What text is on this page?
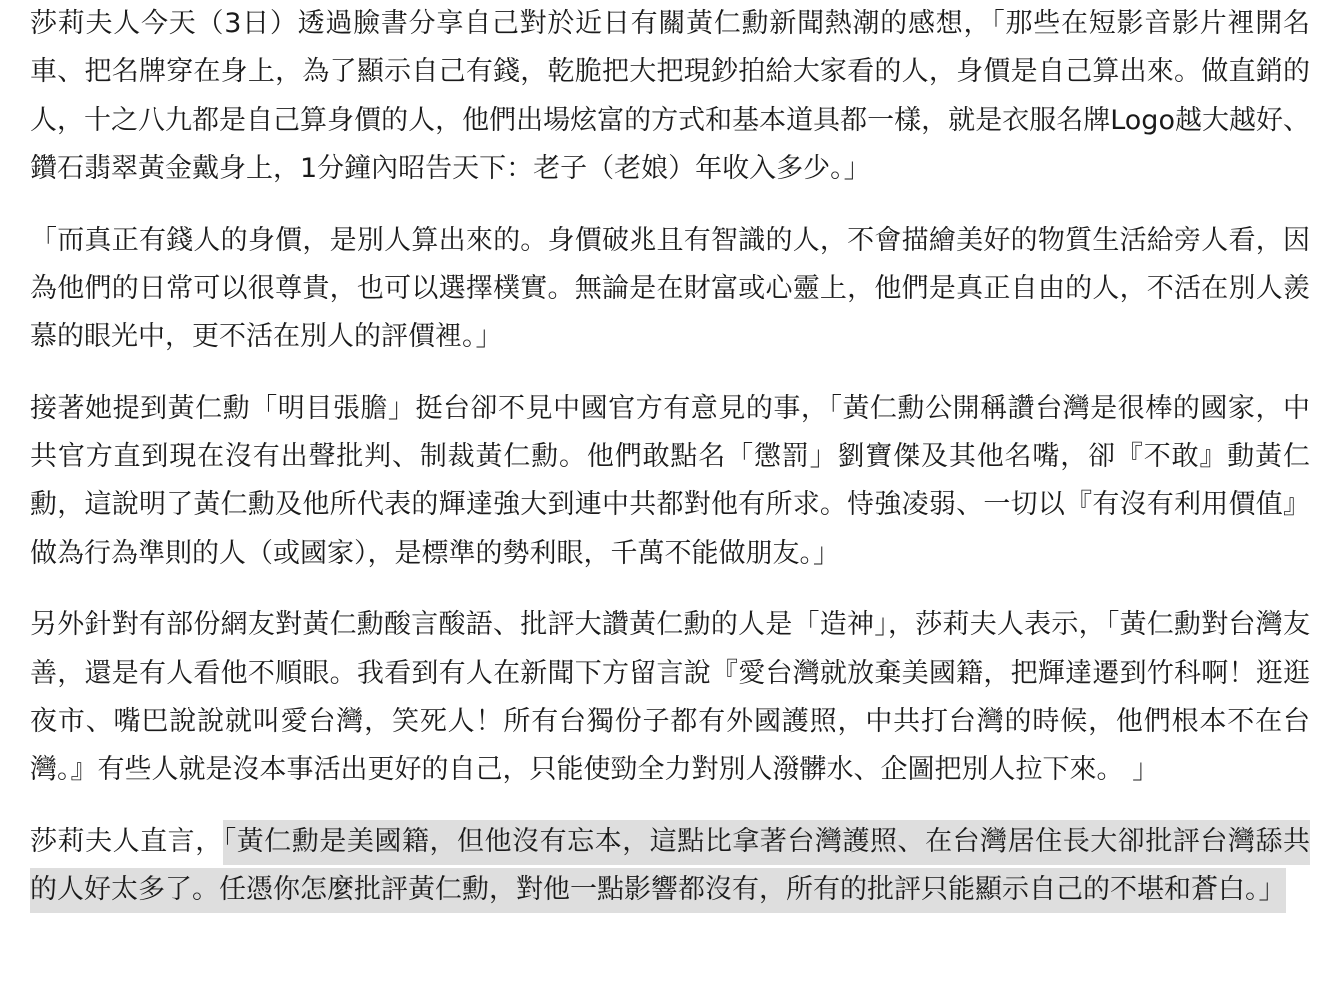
莎莉夫人今天（3日）透過臉書分享自己對於近日有關黃仁勳新聞熱潮的感想，「那些在短影音影片裡開名車、把名牌穿在身上，為了顯示自己有錢，乾脆把大把現鈔拍給大家看的人，身價是自己算出來。做直銷的人，十之八九都是自己算身價的人，他們出場炫富的方式和基本道具都一樣，就是衣服名牌Logo越大越好、鑽石翡翠黃金戴身上，1分鐘內昭告天下：老子（老娘）年收入多少。」

「而真正有錢人的身價，是別人算出來的。身價破兆且有智識的人，不會描繪美好的物質生活給旁人看，因為他們的日常可以很尊貴，也可以選擇樸實。無論是在財富或心靈上，他們是真正自由的人，不活在別人羨慕的眼光中，更不活在別人的評價裡。」

接著她提到黃仁勳「明目張膽」挺台卻不見中國官方有意見的事，「黃仁勳公開稱讚台灣是很棒的國家，中共官方直到現在沒有出聲批判、制裁黃仁勳。他們敢點名「懲罰」劉寶傑及其他名嘴，卻『不敢』動黃仁勳，這說明了黃仁勳及他所代表的輝達強大到連中共都對他有所求。恃強凌弱、一切以『有沒有利用價值』做為行為準則的人（或國家），是標準的勢利眼，千萬不能做朋友。」

另外針對有部份網友對黃仁勳酸言酸語、批評大讚黃仁勳的人是「造神」，莎莉夫人表示，「黃仁勳對台灣友善，還是有人看他不順眼。我看到有人在新聞下方留言說『愛台灣就放棄美國籍，把輝達遷到竹科啊！逛逛夜市、嘴巴說說就叫愛台灣，笑死人！所有台獨份子都有外國護照，中共打台灣的時候，他們根本不在台灣。』有些人就是沒本事活出更好的自己，只能使勁全力對別人潑髒水、企圖把別人拉下來。 」

莎莉夫人直言，「黃仁勳是美國籍，但他沒有忘本，這點比拿著台灣護照、在台灣居住長大卻批評台灣舔共的人好太多了。任憑你怎麼批評黃仁勳，對他一點影響都沒有，所有的批評只能顯示自己的不堪和蒼白。」
